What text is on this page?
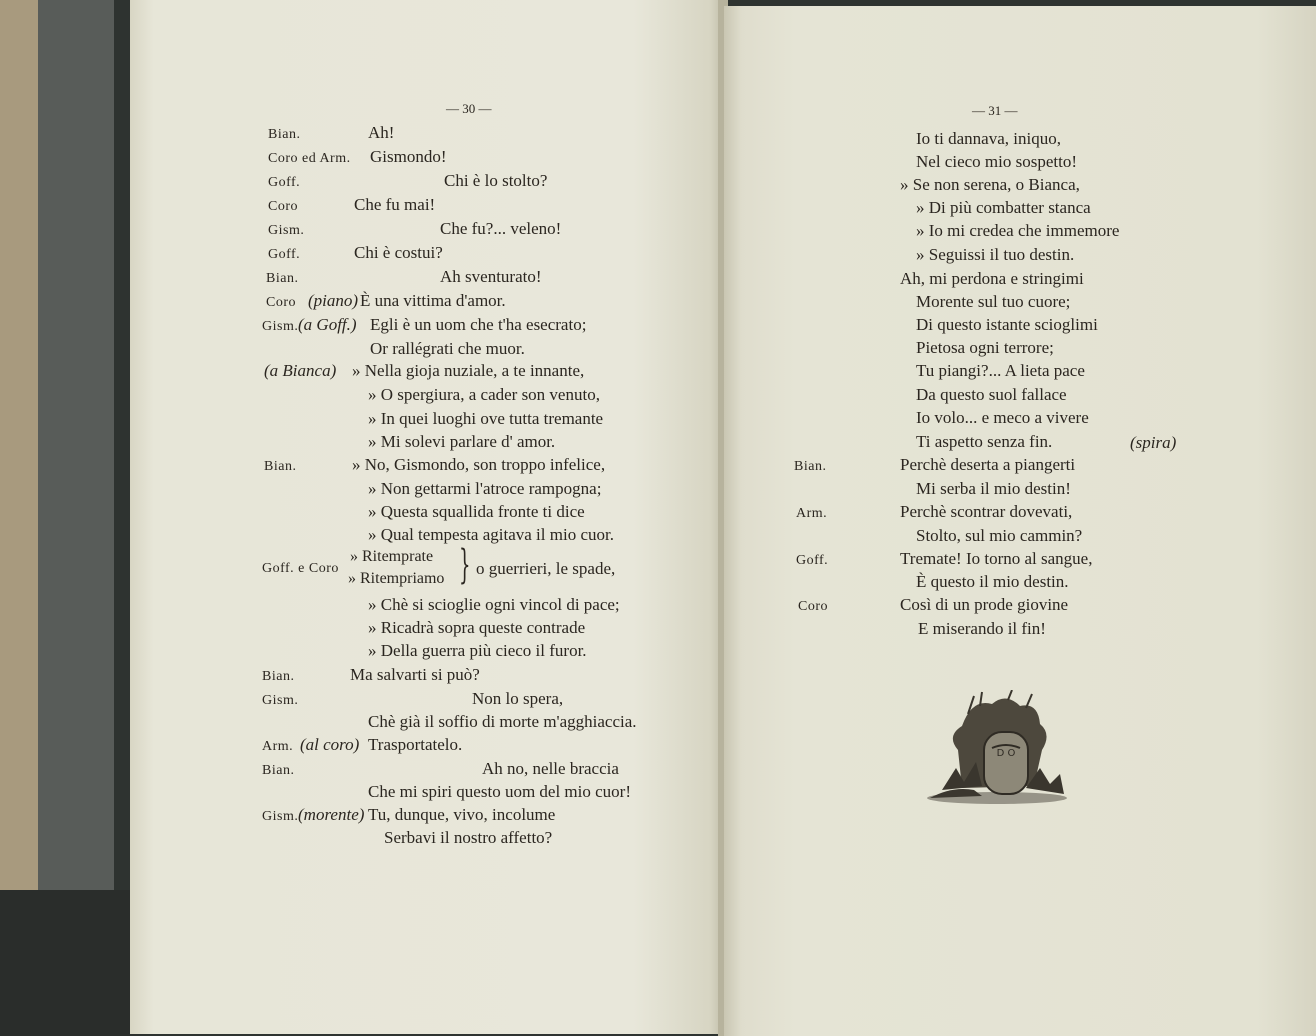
— 30 —
Bian.	Ah!
Coro ed Arm. Gismondo!
Goff.	Chi è lo stolto?
Coro	Che fu mai!
Gism.	Che fu?... veleno!
Goff.	Chi è costui?
Bian.	Ah sventurato!
Coro (piano) È una vittima d'amor.
Gism. (a Goff.) Egli è un uom che t'ha esecrato;
Or rallégrati che muor.
(a Bianca) » Nella gioja nuziale, a te innante,
» O spergiura, a cader son venuto,
» In quei luoghi ove tutta tremante
» Mi solevi parlare d' amor.
Bian.	» No, Gismondo, son troppo infelice,
» Non gettarmi l'atroce rampogna;
» Questa squallida fronte ti dice
» Qual tempesta agitava il mio cuor.
Goff. e Coro
» Ritemprate
» Ritempriamo } o guerrieri, le spade,
» Chè si scioglie ogni vincol di pace;
» Ricadrà sopra queste contrade
» Della guerra più cieco il furor.
Bian.	Ma salvarti si può?
Gism.	Non lo spera,
Chè già il soffio di morte m'agghiaccia.
Arm. (al coro) Trasportatelo.
Bian.	Ah no, nelle braccia
Che mi spiri questo uom del mio cuor!
Gism. (morente) Tu, dunque, vivo, incolume
Serbavi il nostro affetto?
— 31 —
Io ti dannava, iniquo,
Nel cieco mio sospetto!
» Se non serena, o Bianca,
» Di più combatter stanca
» Io mi credea che immemore
» Seguissi il tuo destin.
Ah, mi perdona e stringimi
Morente sul tuo cuore;
Di questo istante scioglimi
Pietosa ogni terrore;
Tu piangi?... A lieta pace
Da questo suol fallace
Io volo... e meco a vivere
Ti aspetto senza fin.	(spira)
Bian.	Perchè deserta a piangerti
Mi serba il mio destin!
Arm.	Perchè scontrar dovevati,
Stolto, sul mio cammin?
Goff.	Tremate! Io torno al sangue,
È questo il mio destin.
Coro	Così di un prode giovine
E miserando il fin!
D O
